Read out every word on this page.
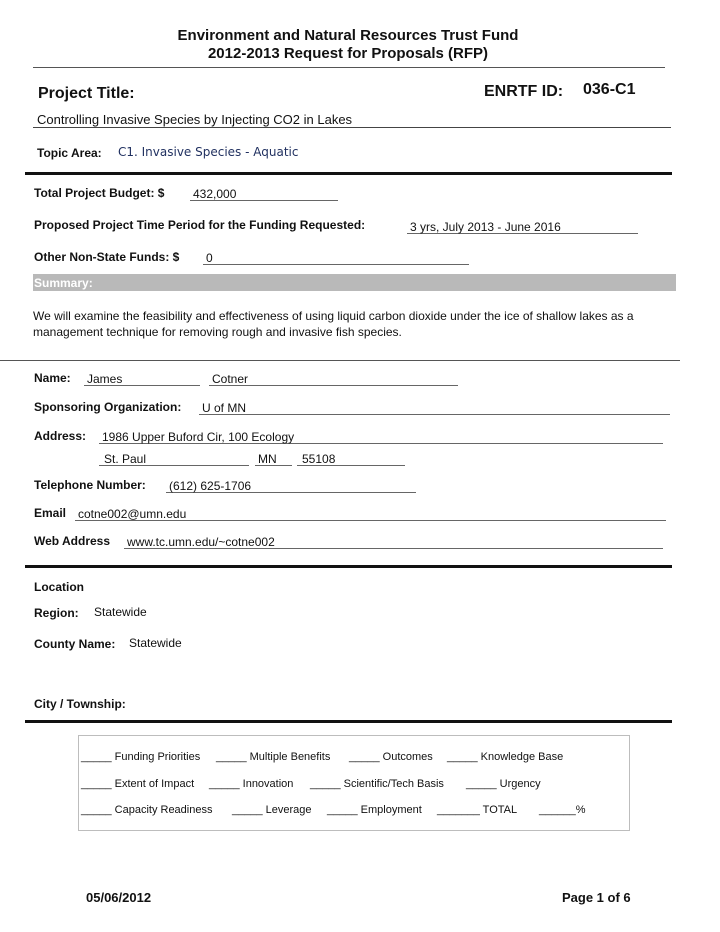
Environment and Natural Resources Trust Fund
2012-2013 Request for Proposals (RFP)
Project Title:	ENRTF ID: 036-C1
Controlling Invasive Species by Injecting CO2 in Lakes
Topic Area: C1. Invasive Species - Aquatic
Total Project Budget: $ 432,000
Proposed Project Time Period for the Funding Requested:	3 yrs, July 2013 - June 2016
Other Non-State Funds: $ 0
Summary:
We will examine the feasibility and effectiveness of using liquid carbon dioxide under the ice of shallow lakes as a management technique for removing rough and invasive fish species.
Name: James	Cotner
Sponsoring Organization: U of MN
Address: 1986 Upper Buford Cir, 100 Ecology
St. Paul	MN	55108
Telephone Number: (612) 625-1706
Email cotne002@umn.edu
Web Address www.tc.umn.edu/~cotne002
Location
Region: Statewide
County Name: Statewide
City / Township:
_____ Funding Priorities _____ Multiple Benefits _____ Outcomes _____ Knowledge Base
_____ Extent of Impact _____ Innovation _____ Scientific/Tech Basis _____ Urgency
_____ Capacity Readiness _____ Leverage _____ Employment _______ TOTAL ______%
05/06/2012	Page 1 of 6
